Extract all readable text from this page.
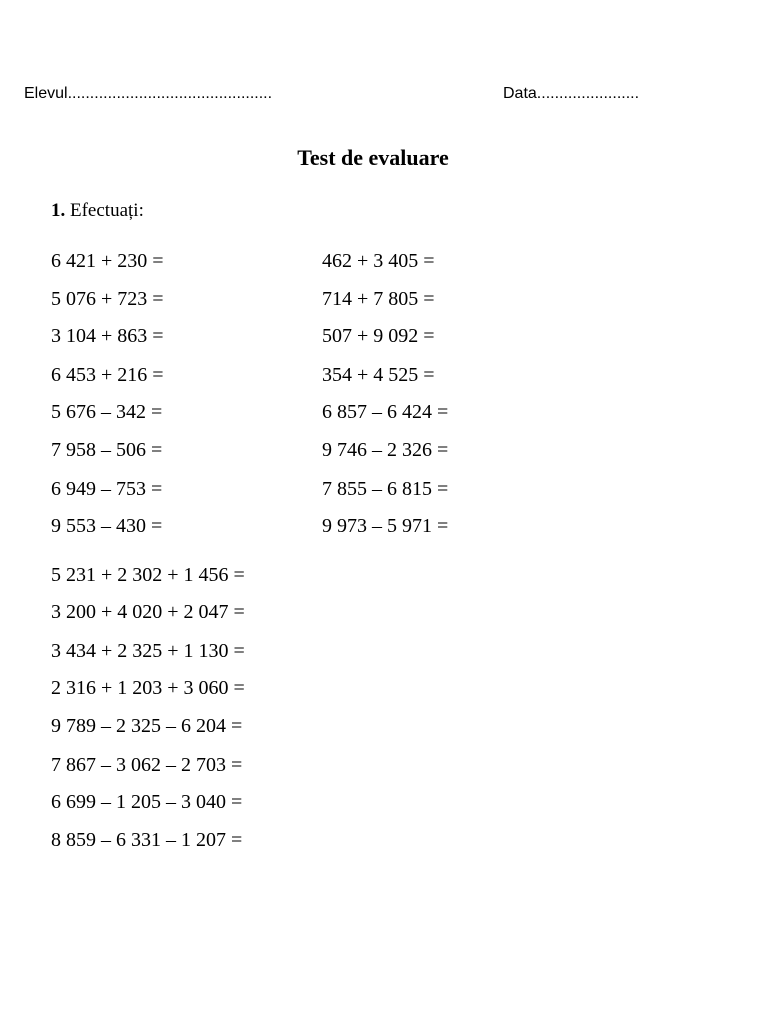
Elevul..............................................	Data.......................
Test de evaluare
1. Efectuați:
6 421 + 230 =
5 076 + 723 =
3 104 + 863 =
6 453 + 216 =
5 676 – 342 =
7 958 – 506 =
6 949 – 753 =
9 553 – 430 =
462 + 3 405 =
714 + 7 805 =
507 + 9 092 =
354 + 4 525 =
6 857 – 6 424 =
9 746 – 2 326 =
7 855 – 6 815 =
9 973 – 5 971 =
5 231 + 2 302 + 1 456 =
3 200 + 4 020 + 2 047 =
3 434 + 2 325 + 1 130 =
2 316 + 1 203 + 3 060 =
9 789 – 2 325 – 6 204 =
7 867 – 3 062 – 2 703 =
6 699 – 1 205 – 3 040 =
8 859 – 6 331 – 1 207 =
